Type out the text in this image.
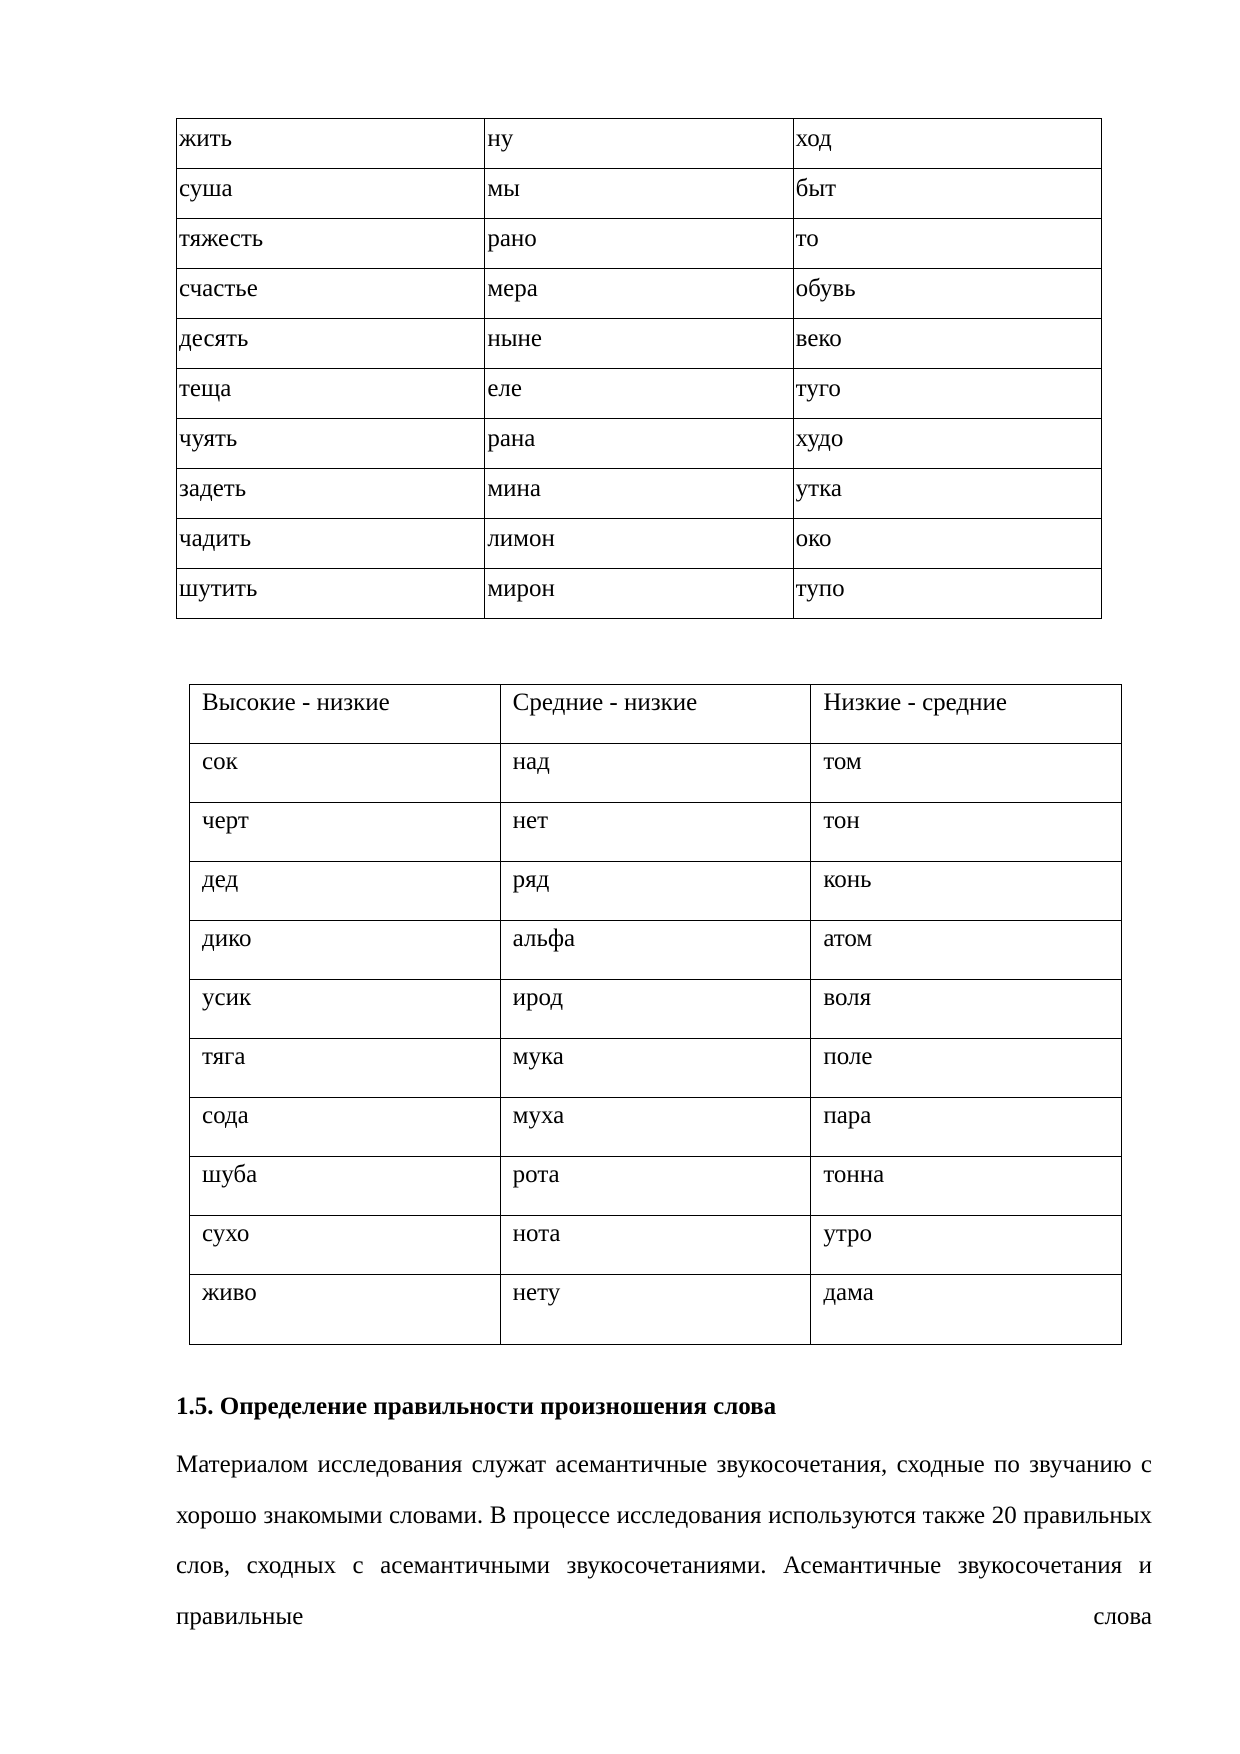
жить	ну	ход
суша	мы	быт
тяжесть	рано	то
счастье	мера	обувь
десять	ныне	веко
теща	еле	туго
чуять	рана	худо
задеть	мина	утка
чадить	лимон	око
шутить	мирон	тупо
Высокие - низкие	Средние - низкие	Низкие - средние
сок	над	том
черт	нет	тон
дед	ряд	конь
дико	альфа	атом
усик	ирод	воля
тяга	мука	поле
сода	муха	пара
шуба	рота	тонна
сухо	нота	утро
живо	нету	дама
1.5. Определение правильности произношения слова

Материалом исследования служат асемантичные звукосочетания, сходные по звучанию с хорошо знакомыми словами. В процессе исследования используются также 20 правильных слов, сходных с асемантичными звукосочетаниями. Асемантичные звукосочетания и правильные слова
